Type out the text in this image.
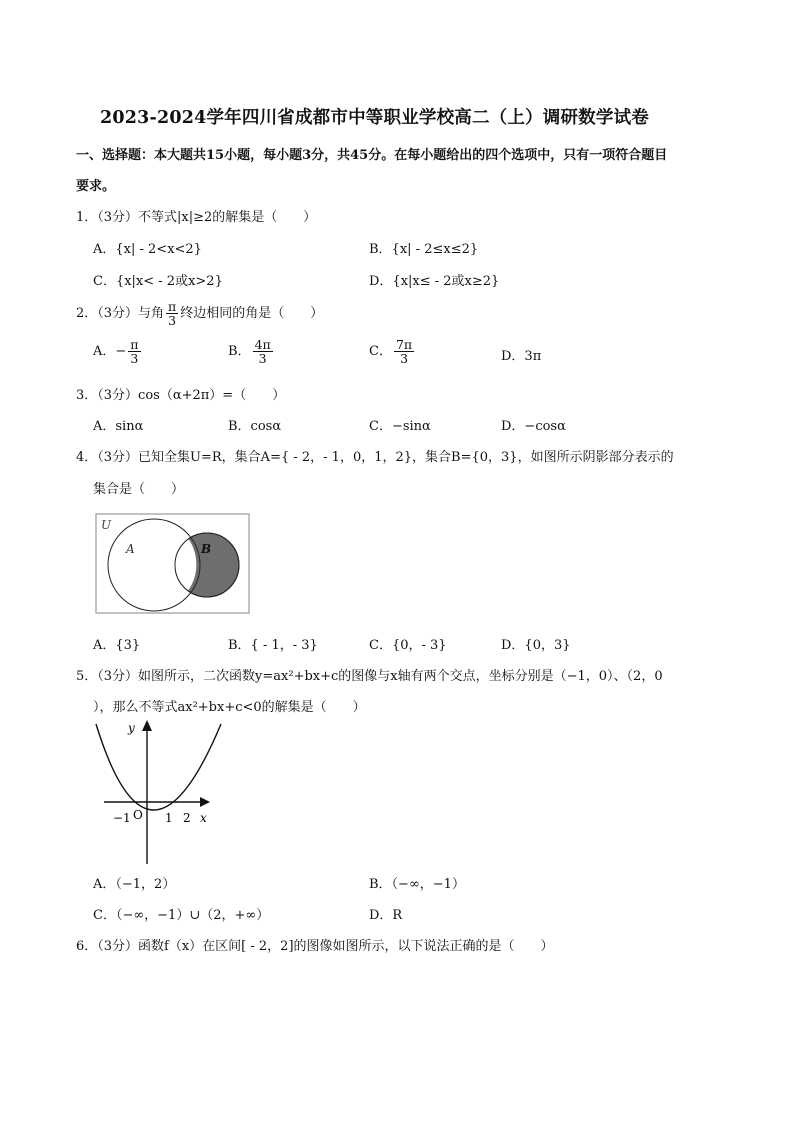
2023-2024学年四川省成都市中等职业学校高二（上）调研数学试卷
一、选择题：本大题共15小题，每小题3分，共45分。在每小题给出的四个选项中，只有一项符合题目
要求。
1．（3分）不等式|x|≥2的解集是（　　）
A．{x| - 2<x<2}	B．{x| - 2≤x≤2}
C．{x|x< - 2或x>2}	D．{x|x≤ - 2或x≥2}
2．（3分）与角 $\frac{\pi}{3}$ 终边相同的角是（　　）
A．− $\frac{\pi}{3}$	B． $\frac{4\pi}{3}$	C． $\frac{7\pi}{3}$	D．3π
3．（3分）cos（α+2π）=（　　）
A．sinα	B．cosα	C．−sinα	D．−cosα
4．（3分）已知全集U=R，集合A={ - 2，- 1，0，1，2}，集合B={0，3}，如图所示阴影部分表示的
集合是（　　）
U
A	B
A．{3}	B．{ - 1，- 3}	C．{0，- 3}	D．{0，3}
5．（3分）如图所示，二次函数y=ax²+bx+c的图像与x轴有两个交点，坐标分别是（−1，0）、（2，0
），那么不等式ax²+bx+c<0的解集是（　　）
y
x
O
−1	1 2
A．（−1，2）	B．（−∞，−1）
C．（−∞，−1）∪（2，+∞）	D．R
6．（3分）函数f（x）在区间[ - 2，2]的图像如图所示，以下说法正确的是（　　）
